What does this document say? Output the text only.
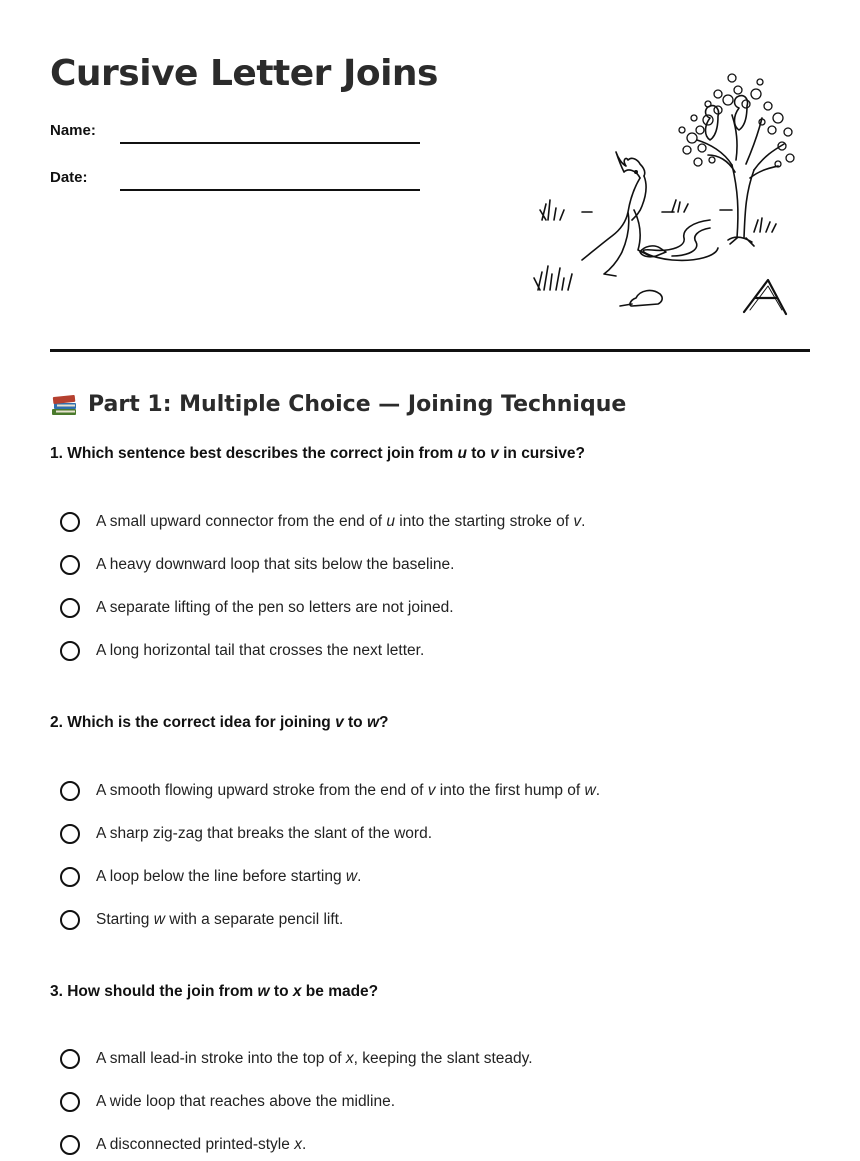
Cursive Letter Joins
Name:
Date:
Part 1: Multiple Choice — Joining Technique

1. Which sentence best describes the correct join from u to v in cursive?

A small upward connector from the end of u into the starting stroke of v.
A heavy downward loop that sits below the baseline.
A separate lifting of the pen so letters are not joined.
A long horizontal tail that crosses the next letter.

2. Which is the correct idea for joining v to w?

A smooth flowing upward stroke from the end of v into the first hump of w.
A sharp zig-zag that breaks the slant of the word.
A loop below the line before starting w.
Starting w with a separate pencil lift.

3. How should the join from w to x be made?

A small lead-in stroke into the top of x, keeping the slant steady.
A wide loop that reaches above the midline.
A disconnected printed-style x.
